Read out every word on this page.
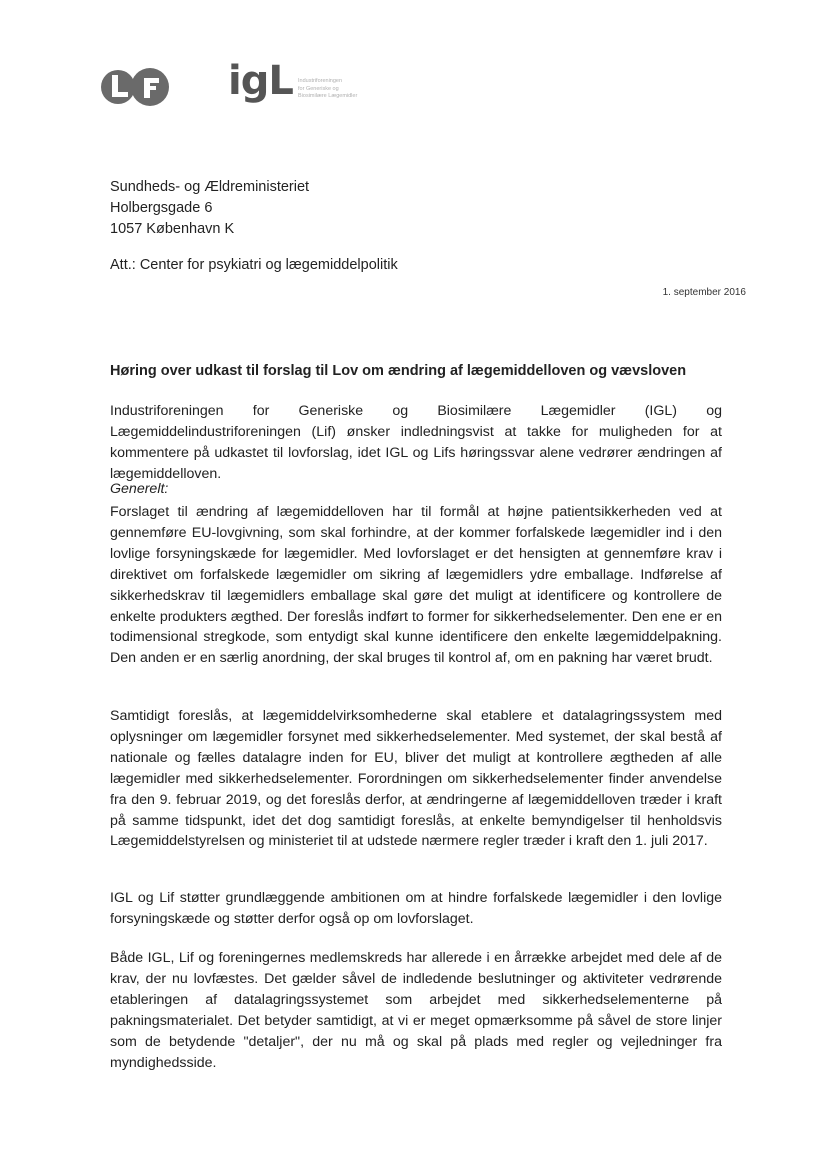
igL Industriforeningen
for Generiske og
Biosimilære Lægemidler
Sundheds- og Ældreministeriet
Holbergsgade 6
1057 København K
Att.: Center for psykiatri og lægemiddelpolitik
1. september 2016
Høring over udkast til forslag til Lov om ændring af lægemiddelloven og vævsloven
Industriforeningen for Generiske og Biosimilære Lægemidler (IGL) og Lægemiddelindustriforeningen (Lif) ønsker indledningsvist at takke for muligheden for at kommentere på udkastet til lovforslag, idet IGL og Lifs høringssvar alene vedrører ændringen af lægemiddelloven.
Generelt:
Forslaget til ændring af lægemiddelloven har til formål at højne patientsikkerheden ved at gennemføre EU-lovgivning, som skal forhindre, at der kommer forfalskede lægemidler ind i den lovlige forsyningskæde for lægemidler. Med lovforslaget er det hensigten at gennemføre krav i direktivet om forfalskede lægemidler om sikring af lægemidlers ydre emballage. Indførelse af sikkerhedskrav til lægemidlers emballage skal gøre det muligt at identificere og kontrollere de enkelte produkters ægthed. Der foreslås indført to former for sikkerhedselementer. Den ene er en todimensional stregkode, som entydigt skal kunne identificere den enkelte lægemiddelpakning. Den anden er en særlig anordning, der skal bruges til kontrol af, om en pakning har været brudt.
Samtidigt foreslås, at lægemiddelvirksomhederne skal etablere et datalagringssystem med oplysninger om lægemidler forsynet med sikkerhedselementer. Med systemet, der skal bestå af nationale og fælles datalagre inden for EU, bliver det muligt at kontrollere ægtheden af alle lægemidler med sikkerhedselementer. Forordningen om sikkerhedselementer finder anvendelse fra den 9. februar 2019, og det foreslås derfor, at ændringerne af lægemiddelloven træder i kraft på samme tidspunkt, idet det dog samtidigt foreslås, at enkelte bemyndigelser til henholdsvis Lægemiddelstyrelsen og ministeriet til at udstede nærmere regler træder i kraft den 1. juli 2017.
IGL og Lif støtter grundlæggende ambitionen om at hindre forfalskede lægemidler i den lovlige forsyningskæde og støtter derfor også op om lovforslaget.
Både IGL, Lif og foreningernes medlemskreds har allerede i en årrække arbejdet med dele af de krav, der nu lovfæstes. Det gælder såvel de indledende beslutninger og aktiviteter vedrørende etableringen af datalagringssystemet som arbejdet med sikkerhedselementerne på pakningsmaterialet. Det betyder samtidigt, at vi er meget opmærksomme på såvel de store linjer som de betydende "detaljer", der nu må og skal på plads med regler og vejledninger fra myndighedsside.
